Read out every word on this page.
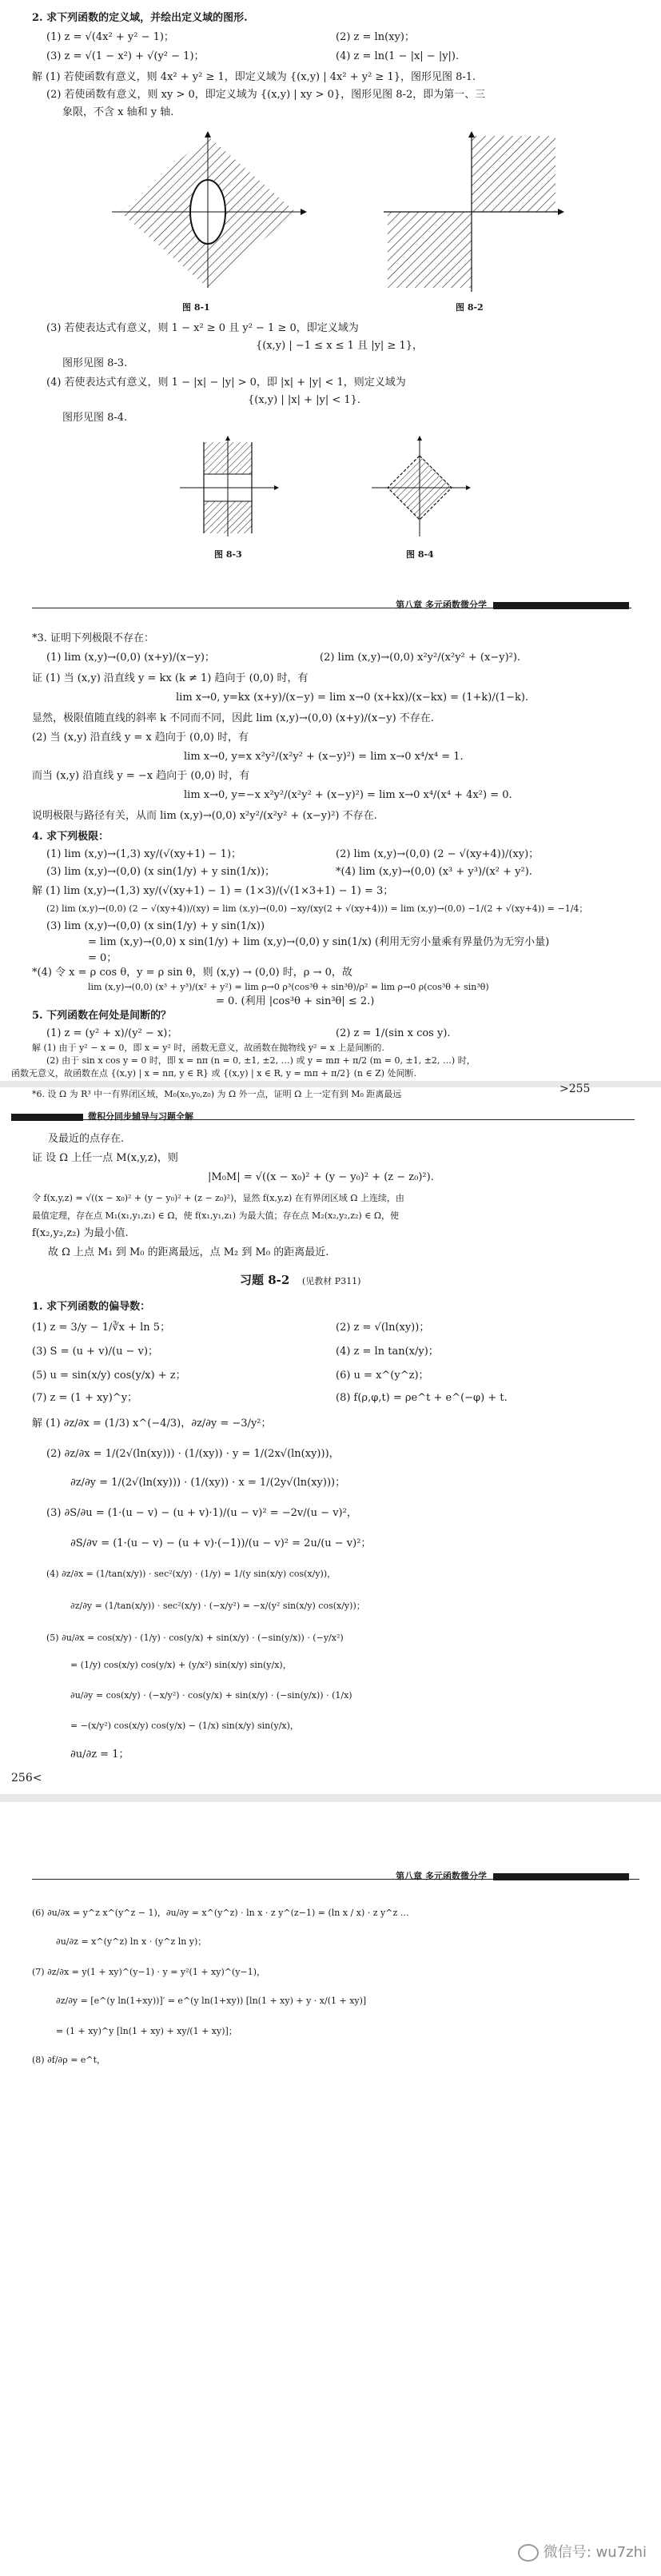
2. 求下列函数的定义域，并绘出定义域的图形.
(1) z = √(4x² + y² − 1)；	(2) z = ln(xy)；
(3) z = √(1 − x²) + √(y² − 1)；	(4) z = ln(1 − |x| − |y|).
解 (1) 若使函数有意义，则 4x² + y² ≥ 1，即定义域为 {(x,y) | 4x² + y² ≥ 1}，图形见图 8-1.
(2) 若使函数有意义，则 xy > 0，即定义域为 {(x,y) | xy > 0}，图形见图 8-2，即为第一、三
象限，不含 x 轴和 y 轴.
图 8-1	图 8-2
(3) 若使表达式有意义，则 1 − x² ≥ 0 且 y² − 1 ≥ 0，即定义域为
{(x,y) | −1 ≤ x ≤ 1 且 |y| ≥ 1}，
图形见图 8-3.
(4) 若使表达式有意义，则 1 − |x| − |y| > 0，即 |x| + |y| < 1，则定义域为
{(x,y) | |x| + |y| < 1}.
图形见图 8-4.
图 8-3	图 8-4
第八章 多元函数微分学
*3. 证明下列极限不存在：
(1) lim (x,y)→(0,0) (x+y)/(x−y)；	(2) lim (x,y)→(0,0) x²y²/(x²y² + (x−y)²).
证 (1) 当 (x,y) 沿直线 y = kx (k ≠ 1) 趋向于 (0,0) 时，有
lim x→0, y=kx (x+y)/(x−y) = lim x→0 (x+kx)/(x−kx) = (1+k)/(1−k).
显然，极限值随直线的斜率 k 不同而不同，因此 lim (x,y)→(0,0) (x+y)/(x−y) 不存在.
(2) 当 (x,y) 沿直线 y = x 趋向于 (0,0) 时，有
lim x→0, y=x x²y²/(x²y² + (x−y)²) = lim x→0 x⁴/x⁴ = 1.
而当 (x,y) 沿直线 y = −x 趋向于 (0,0) 时，有
lim x→0, y=−x x²y²/(x²y² + (x−y)²) = lim x→0 x⁴/(x⁴ + 4x²) = 0.
说明极限与路径有关，从而 lim (x,y)→(0,0) x²y²/(x²y² + (x−y)²) 不存在.
4. 求下列极限：
(1) lim (x,y)→(1,3) xy/(√(xy+1) − 1)；	(2) lim (x,y)→(0,0) (2 − √(xy+4))/(xy)；
(3) lim (x,y)→(0,0) (x sin(1/y) + y sin(1/x))；	*(4) lim (x,y)→(0,0) (x³ + y³)/(x² + y²).
解 (1) lim (x,y)→(1,3) xy/(√(xy+1) − 1) = (1×3)/(√(1×3+1) − 1) = 3；
(2) lim (x,y)→(0,0) (2 − √(xy+4))/(xy) = lim (x,y)→(0,0) −xy/(xy(2 + √(xy+4))) = lim (x,y)→(0,0) −1/(2 + √(xy+4)) = −1/4；
(3) lim (x,y)→(0,0) (x sin(1/y) + y sin(1/x))
= lim (x,y)→(0,0) x sin(1/y) + lim (x,y)→(0,0) y sin(1/x) (利用无穷小量乘有界量仍为无穷小量)
= 0；
*(4) 令 x = ρ cos θ，y = ρ sin θ，则 (x,y) → (0,0) 时，ρ → 0，故
lim (x,y)→(0,0) (x³ + y³)/(x² + y²) = lim ρ→0 ρ³(cos³θ + sin³θ)/ρ² = lim ρ→0 ρ(cos³θ + sin³θ)
= 0. (利用 |cos³θ + sin³θ| ≤ 2.)
5. 下列函数在何处是间断的？
(1) z = (y² + x)/(y² − x)；	(2) z = 1/(sin x cos y).
解 (1) 由于 y² − x = 0，即 x = y² 时，函数无意义，故函数在抛物线 y² = x 上是间断的.
(2) 由于 sin x cos y = 0 时，即 x = nπ (n = 0, ±1, ±2, …) 或 y = mπ + π/2 (m = 0, ±1, ±2, …) 时，
函数无意义，故函数在点 {(x,y) | x = nπ, y ∈ R} 或 {(x,y) | x ∈ R, y = mπ + π/2} (n ∈ Z) 处间断.
*6. 设 Ω 为 R³ 中一有界闭区域，M₀(x₀,y₀,z₀) 为 Ω 外一点，证明 Ω 上一定有到 M₀ 距离最远	>255
微积分同步辅导与习题全解
及最近的点存在.
证 设 Ω 上任一点 M(x,y,z)，则
|M₀M| = √((x − x₀)² + (y − y₀)² + (z − z₀)²).
令 f(x,y,z) = √((x − x₀)² + (y − y₀)² + (z − z₀)²)，显然 f(x,y,z) 在有界闭区域 Ω 上连续，由
最值定理，存在点 M₁(x₁,y₁,z₁) ∈ Ω，使 f(x₁,y₁,z₁) 为最大值；存在点 M₂(x₂,y₂,z₂) ∈ Ω，使
f(x₂,y₂,z₂) 为最小值.
故 Ω 上点 M₁ 到 M₀ 的距离最远，点 M₂ 到 M₀ 的距离最近.
习题 8-2 (见教材 P311)
1. 求下列函数的偏导数：
(1) z = 3/y − 1/∛x + ln 5；	(2) z = √(ln(xy))；
(3) S = (u + v)/(u − v)；	(4) z = ln tan(x/y)；
(5) u = sin(x/y) cos(y/x) + z；	(6) u = x^(y^z)；
(7) z = (1 + xy)^y；	(8) f(ρ,φ,t) = ρe^t + e^(−φ) + t.
解 (1) ∂z/∂x = (1/3) x^(−4/3)，∂z/∂y = −3/y²；
(2) ∂z/∂x = 1/(2√(ln(xy))) · (1/(xy)) · y = 1/(2x√(ln(xy)))，
∂z/∂y = 1/(2√(ln(xy))) · (1/(xy)) · x = 1/(2y√(ln(xy)))；
(3) ∂S/∂u = (1·(u − v) − (u + v)·1)/(u − v)² = −2v/(u − v)²，
∂S/∂v = (1·(u − v) − (u + v)·(−1))/(u − v)² = 2u/(u − v)²；
(4) ∂z/∂x = (1/tan(x/y)) · sec²(x/y) · (1/y) = 1/(y sin(x/y) cos(x/y))，
∂z/∂y = (1/tan(x/y)) · sec²(x/y) · (−x/y²) = −x/(y² sin(x/y) cos(x/y))；
(5) ∂u/∂x = cos(x/y) · (1/y) · cos(y/x) + sin(x/y) · (−sin(y/x)) · (−y/x²)
= (1/y) cos(x/y) cos(y/x) + (y/x²) sin(x/y) sin(y/x)，
∂u/∂y = cos(x/y) · (−x/y²) · cos(y/x) + sin(x/y) · (−sin(y/x)) · (1/x)
= −(x/y²) cos(x/y) cos(y/x) − (1/x) sin(x/y) sin(y/x)，
∂u/∂z = 1；
256<
第八章 多元函数微分学
(6) ∂u/∂x = y^z x^(y^z − 1)，∂u/∂y = x^(y^z) · ln x · z y^(z−1) = (ln x / x) · z y^z …
∂u/∂z = x^(y^z) ln x · (y^z ln y)；
(7) ∂z/∂x = y(1 + xy)^(y−1) · y = y²(1 + xy)^(y−1)，
∂z/∂y = [e^(y ln(1+xy))]′ = e^(y ln(1+xy)) [ln(1 + xy) + y · x/(1 + xy)]
= (1 + xy)^y [ln(1 + xy) + xy/(1 + xy)]；
(8) ∂f/∂ρ = e^t，
微信号: wu7zhi
